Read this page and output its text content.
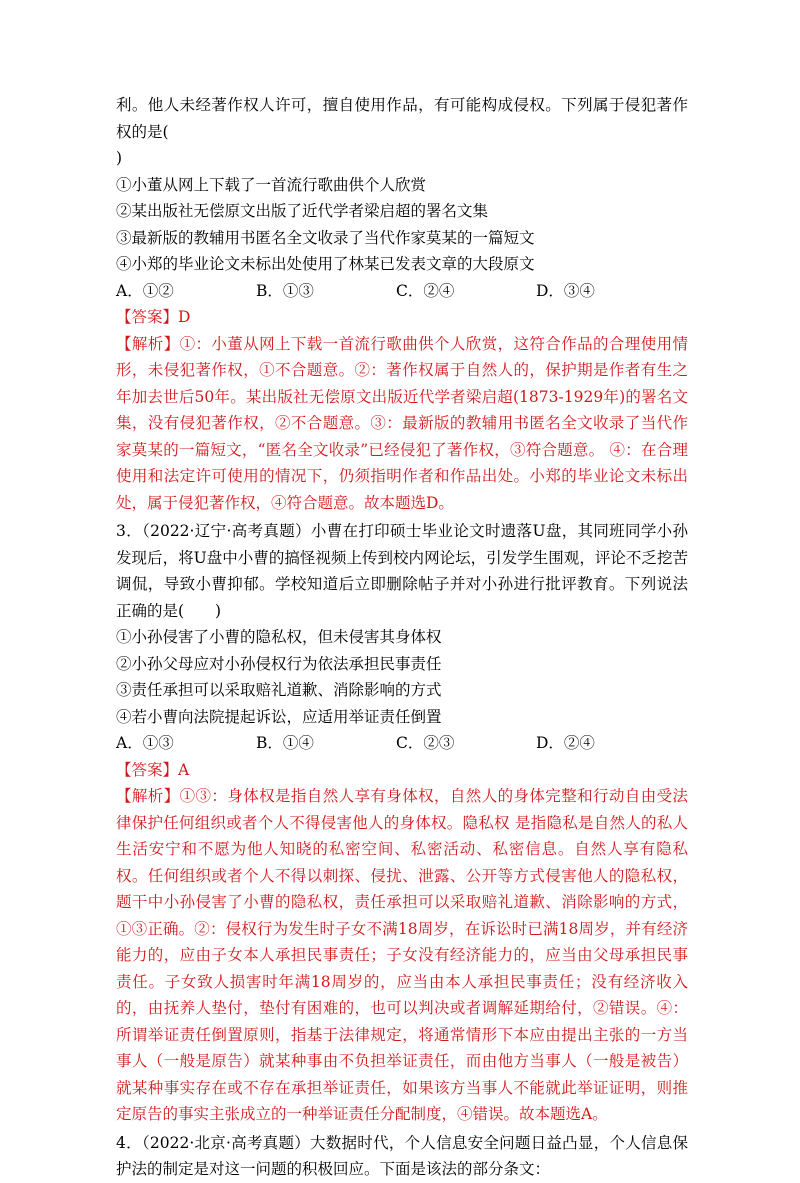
利。他人未经著作权人许可，擅自使用作品，有可能构成侵权。下列属于侵犯著作权的是(

)

①小董从网上下载了一首流行歌曲供个人欣赏

②某出版社无偿原文出版了近代学者梁启超的署名文集

③最新版的教辅用书匿名全文收录了当代作家莫某的一篇短文

④小郑的毕业论文未标出处使用了林某已发表文章的大段原文

A．①②	B．①③	C．②④	D．③④

【答案】D

【解析】①：小董从网上下载一首流行歌曲供个人欣赏，这符合作品的合理使用情形，未侵犯著作权，①不合题意。②：著作权属于自然人的，保护期是作者有生之年加去世后50年。某出版社无偿原文出版近代学者梁启超(1873-1929年)的署名文集，没有侵犯著作权，②不合题意。③：最新版的教辅用书匿名全文收录了当代作家莫某的一篇短文，“匿名全文收录”已经侵犯了著作权，③符合题意。 ④：在合理使用和法定许可使用的情况下，仍须指明作者和作品出处。小郑的毕业论文未标出处，属于侵犯著作权，④符合题意。故本题选D。

3．（2022·辽宁·高考真题）小曹在打印硕士毕业论文时遗落U盘，其同班同学小孙发现后，将U盘中小曹的搞怪视频上传到校内网论坛，引发学生围观，评论不乏挖苦调侃，导致小曹抑郁。学校知道后立即删除帖子并对小孙进行批评教育。下列说法正确的是(　　)

①小孙侵害了小曹的隐私权，但未侵害其身体权

②小孙父母应对小孙侵权行为依法承担民事责任

③责任承担可以采取赔礼道歉、消除影响的方式

④若小曹向法院提起诉讼，应适用举证责任倒置

A．①③	B．①④	C．②③	D．②④

【答案】A

【解析】①③：身体权是指自然人享有身体权，自然人的身体完整和行动自由受法律保护任何组织或者个人不得侵害他人的身体权。隐私权 是指隐私是自然人的私人生活安宁和不愿为他人知晓的私密空间、私密活动、私密信息。自然人享有隐私权。任何组织或者个人不得以刺探、侵扰、泄露、公开等方式侵害他人的隐私权，题干中小孙侵害了小曹的隐私权，责任承担可以采取赔礼道歉、消除影响的方式，①③正确。②：侵权行为发生时子女不满18周岁，在诉讼时已满18周岁，并有经济能力的，应由子女本人承担民事责任；子女没有经济能力的，应当由父母承担民事责任。子女致人损害时年满18周岁的，应当由本人承担民事责任；没有经济收入的，由抚养人垫付，垫付有困难的，也可以判决或者调解延期给付，②错误。④：所谓举证责任倒置原则，指基于法律规定，将通常情形下本应由提出主张的一方当事人（一般是原告）就某种事由不负担举证责任，而由他方当事人（一般是被告）就某种事实存在或不存在承担举证责任，如果该方当事人不能就此举证证明，则推定原告的事实主张成立的一种举证责任分配制度，④错误。故本题选A。

4．（2022·北京·高考真题）大数据时代，个人信息安全问题日益凸显，个人信息保护法的制定是对这一问题的积极回应。下面是该法的部分条文：
